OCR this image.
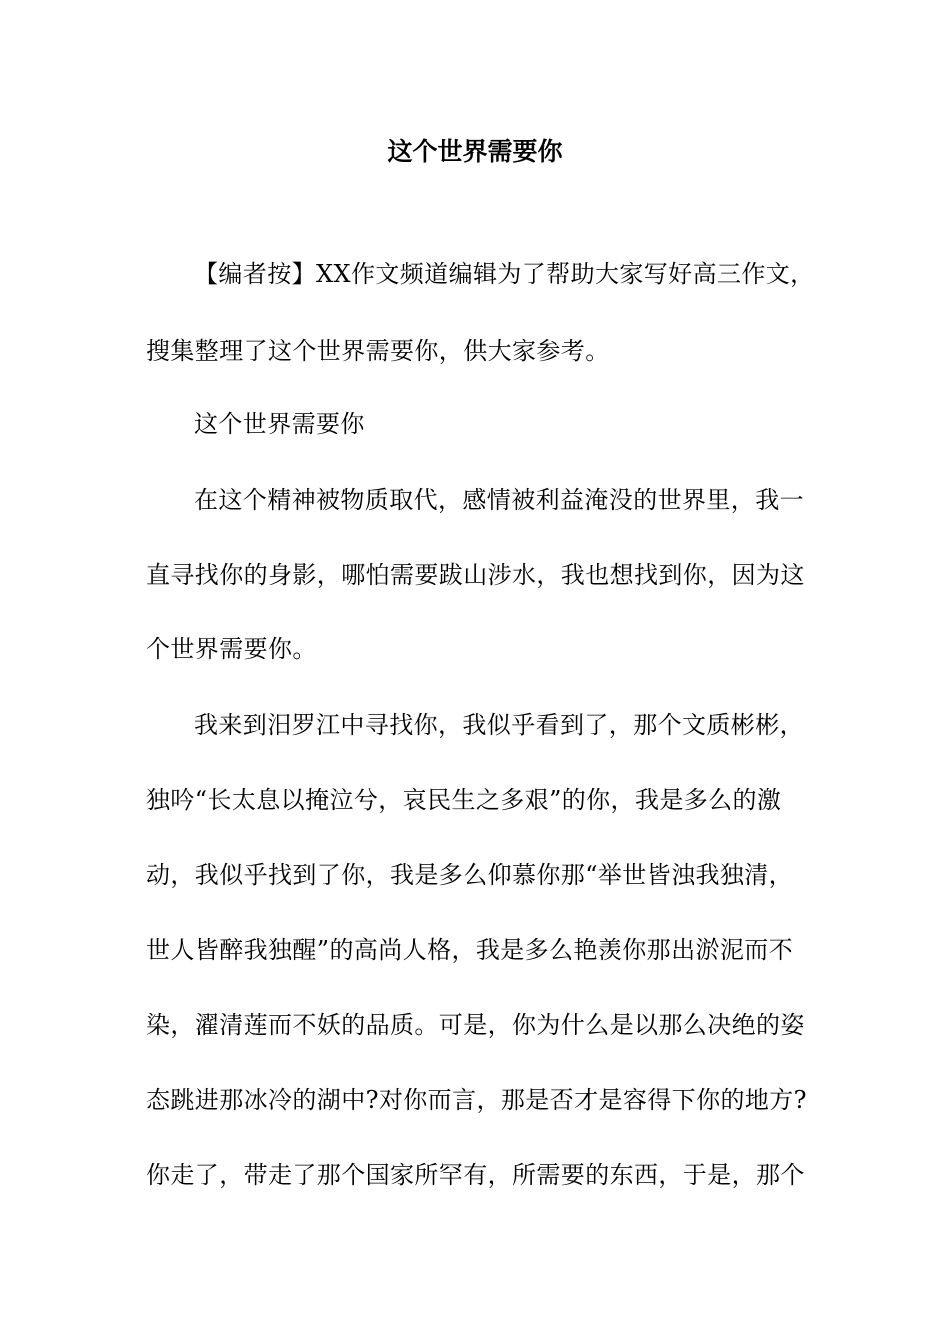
这个世界需要你
【编者按】XX作文频道编辑为了帮助大家写好高三作文，
搜集整理了这个世界需要你，供大家参考。
这个世界需要你
在这个精神被物质取代，感情被利益淹没的世界里，我一
直寻找你的身影，哪怕需要跋山涉水，我也想找到你，因为这
个世界需要你。
我来到汨罗江中寻找你，我似乎看到了，那个文质彬彬，
独吟“长太息以掩泣兮，哀民生之多艰”的你，我是多么的激
动，我似乎找到了你，我是多么仰慕你那“举世皆浊我独清，
世人皆醉我独醒”的高尚人格，我是多么艳羡你那出淤泥而不
染，濯清莲而不妖的品质。可是，你为什么是以那么决绝的姿
态跳进那冰冷的湖中?对你而言，那是否才是容得下你的地方?
你走了，带走了那个国家所罕有，所需要的东西，于是，那个
